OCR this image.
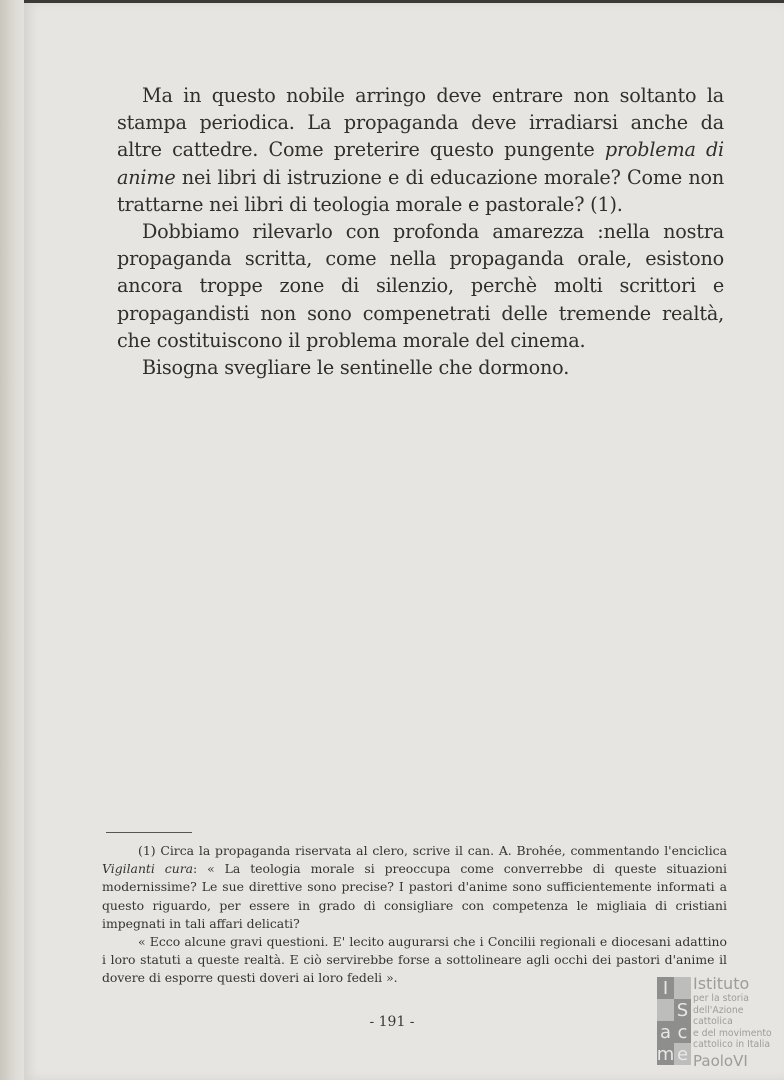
Ma in questo nobile arringo deve entrare non soltanto la stampa periodica. La propaganda deve irradiarsi anche da altre cattedre. Come preterire questo pungente problema di anime nei libri di istruzione e di educazione morale? Come non trattarne nei libri di teologia morale e pastorale? (1).

Dobbiamo rilevarlo con profonda amarezza :nella nostra propaganda scritta, come nella propaganda orale, esistono ancora troppe zone di silenzio, perchè molti scrittori e propagandisti non sono compenetrati delle tremende realtà, che costituiscono il problema morale del cinema.

Bisogna svegliare le sentinelle che dormono.

(1) Circa la propaganda riservata al clero, scrive il can. A. Brohée, commentando l'enciclica Vigilanti cura: « La teologia morale si preoccupa come converrebbe di queste situazioni modernissime? Le sue direttive sono precise? I pastori d'anime sono sufficientemente informati a questo riguardo, per essere in grado di consigliare con competenza le migliaia di cristiani impegnati in tali affari delicati?

« Ecco alcune gravi questioni. E' lecito augurarsi che i Concilii regionali e diocesani adattino i loro statuti a queste realtà. E ciò servirebbe forse a sottolineare agli occhi dei pastori d'anime il dovere di esporre questi doveri ai loro fedeli ».

- 191 -
I
S
a c
m e
Istituto
per la storia
dell'Azione cattolica
e del movimento
cattolico in Italia
PaoloVI
